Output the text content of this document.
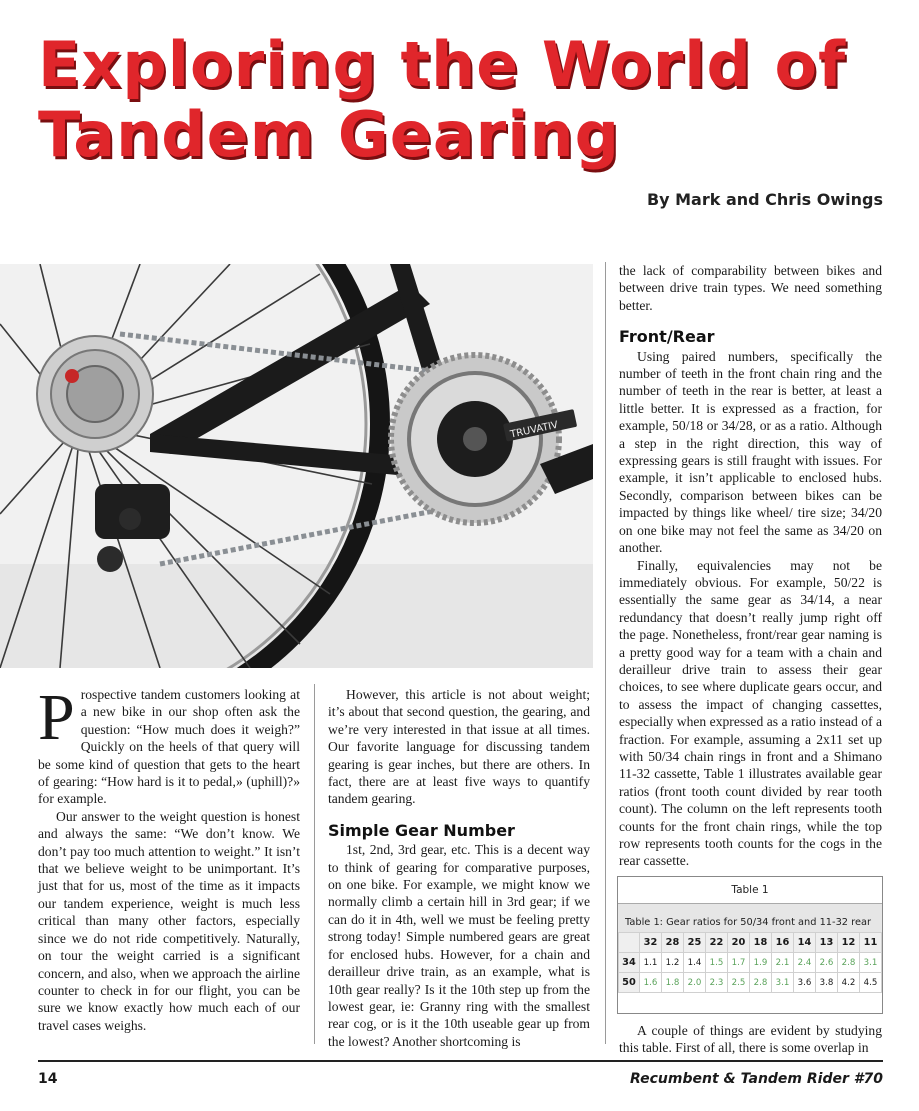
Exploring the World of Tandem Gearing
By Mark and Chris Owings
TRUVATIV

Prospective tandem customers looking at a new bike in our shop often ask the question: “How much does it weigh?” Quickly on the heels of that query will be some kind of question that gets to the heart of gearing: “How hard is it to pedal,» (uphill)?» for example.

Our answer to the weight question is honest and always the same: “We don’t know. We don’t pay too much attention to weight.” It isn’t that we believe weight to be unimportant. It’s just that for us, most of the time as it impacts our tandem experience, weight is much less critical than many other factors, especially since we do not ride competitively. Naturally, on tour the weight carried is a significant concern, and also, when we approach the airline counter to check in for our flight, you can be sure we know exactly how much each of our travel cases weighs.

However, this article is not about weight; it’s about that second question, the gearing, and we’re very interested in that issue at all times. Our favorite language for discussing tandem gearing is gear inches, but there are others. In fact, there are at least five ways to quantify tandem gearing.

Simple Gear Number

1st, 2nd, 3rd gear, etc. This is a decent way to think of gearing for comparative purposes, on one bike. For example, we might know we normally climb a certain hill in 3rd gear; if we can do it in 4th, well we must be feeling pretty strong today! Simple numbered gears are great for enclosed hubs. However, for a chain and derailleur drive train, as an example, what is 10th gear really? Is it the 10th step up from the lowest gear, ie: Granny ring with the smallest rear cog, or is it the 10th useable gear up from the lowest? Another shortcoming is

the lack of comparability between bikes and between drive train types. We need something better.

Front/Rear

Using paired numbers, specifically the number of teeth in the front chain ring and the number of teeth in the rear is better, at least a little better. It is expressed as a fraction, for example, 50/18 or 34/28, or as a ratio. Although a step in the right direction, this way of expressing gears is still fraught with issues. For example, it isn’t applicable to enclosed hubs. Secondly, comparison between bikes can be impacted by things like wheel/ tire size; 34/20 on one bike may not feel the same as 34/20 on another.

Finally, equivalencies may not be immediately obvious. For example, 50/22 is essentially the same gear as 34/14, a near redundancy that doesn’t really jump right off the page. Nonetheless, front/rear gear naming is a pretty good way for a team with a chain and derailleur drive train to assess their gear choices, to see where duplicate gears occur, and to assess the impact of changing cassettes, especially when expressed as a ratio instead of a fraction. For example, assuming a 2x11 set up with 50/34 chain rings in front and a Shimano 11-32 cassette, Table 1 illustrates available gear ratios (front tooth count divided by rear tooth count). The column on the left represents tooth counts for the front chain rings, while the top row represents tooth counts for the cogs in the rear cassette.

Table 1
Table 1: Gear ratios for 50/34 front and 11-32 rear
	32	28	25	22	20	18	16	14	13	12	11
34	1.1	1.2	1.4	1.5	1.7	1.9	2.1	2.4	2.6	2.8	3.1
50	1.6	1.8	2.0	2.3	2.5	2.8	3.1	3.6	3.8	4.2	4.5

A couple of things are evident by studying this table. First of all, there is some overlap in

14	Recumbent & Tandem Rider #70
